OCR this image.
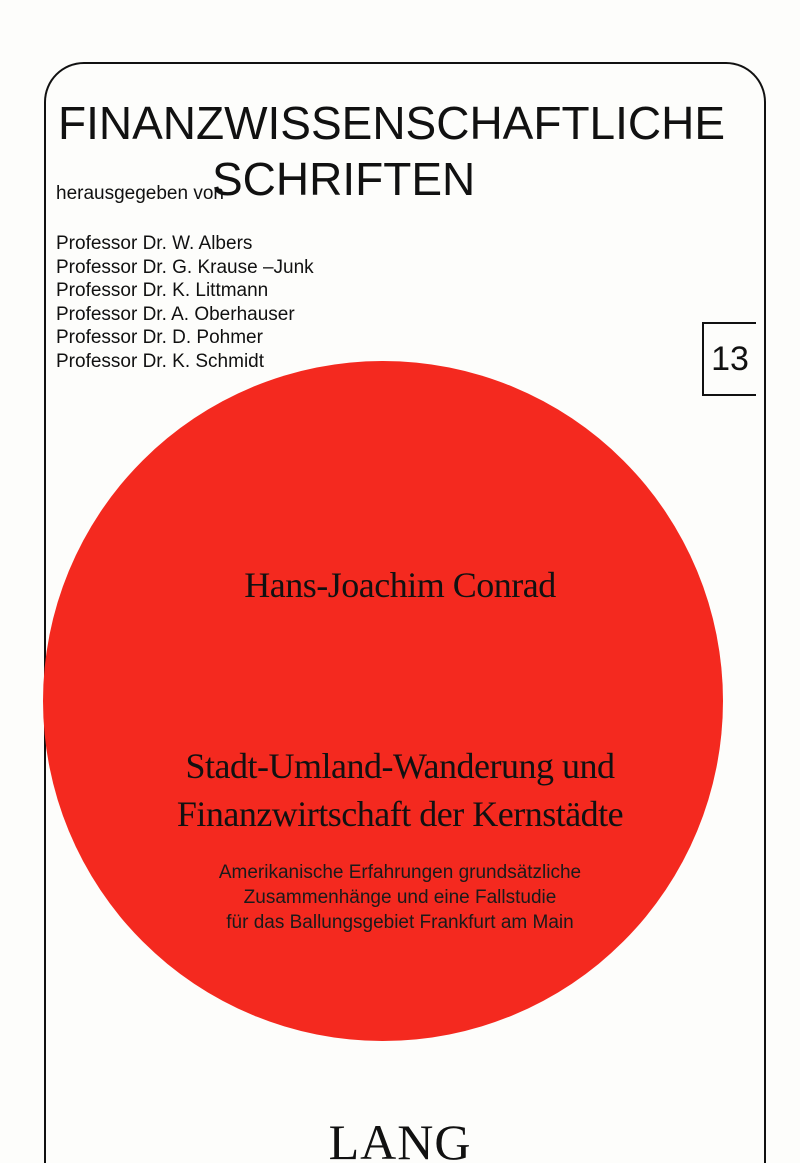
FINANZWISSENSCHAFTLICHE
SCHRIFTEN
herausgegeben von
Professor Dr. W. Albers
Professor Dr. G. Krause –Junk
Professor Dr. K. Littmann
Professor Dr. A. Oberhauser
Professor Dr. D. Pohmer
Professor Dr. K. Schmidt	13
Hans-Joachim Conrad
Stadt-Umland-Wanderung und
Finanzwirtschaft der Kernstädte
Amerikanische Erfahrungen grundsätzliche
Zusammenhänge und eine Fallstudie
für das Ballungsgebiet Frankfurt am Main
LANG
